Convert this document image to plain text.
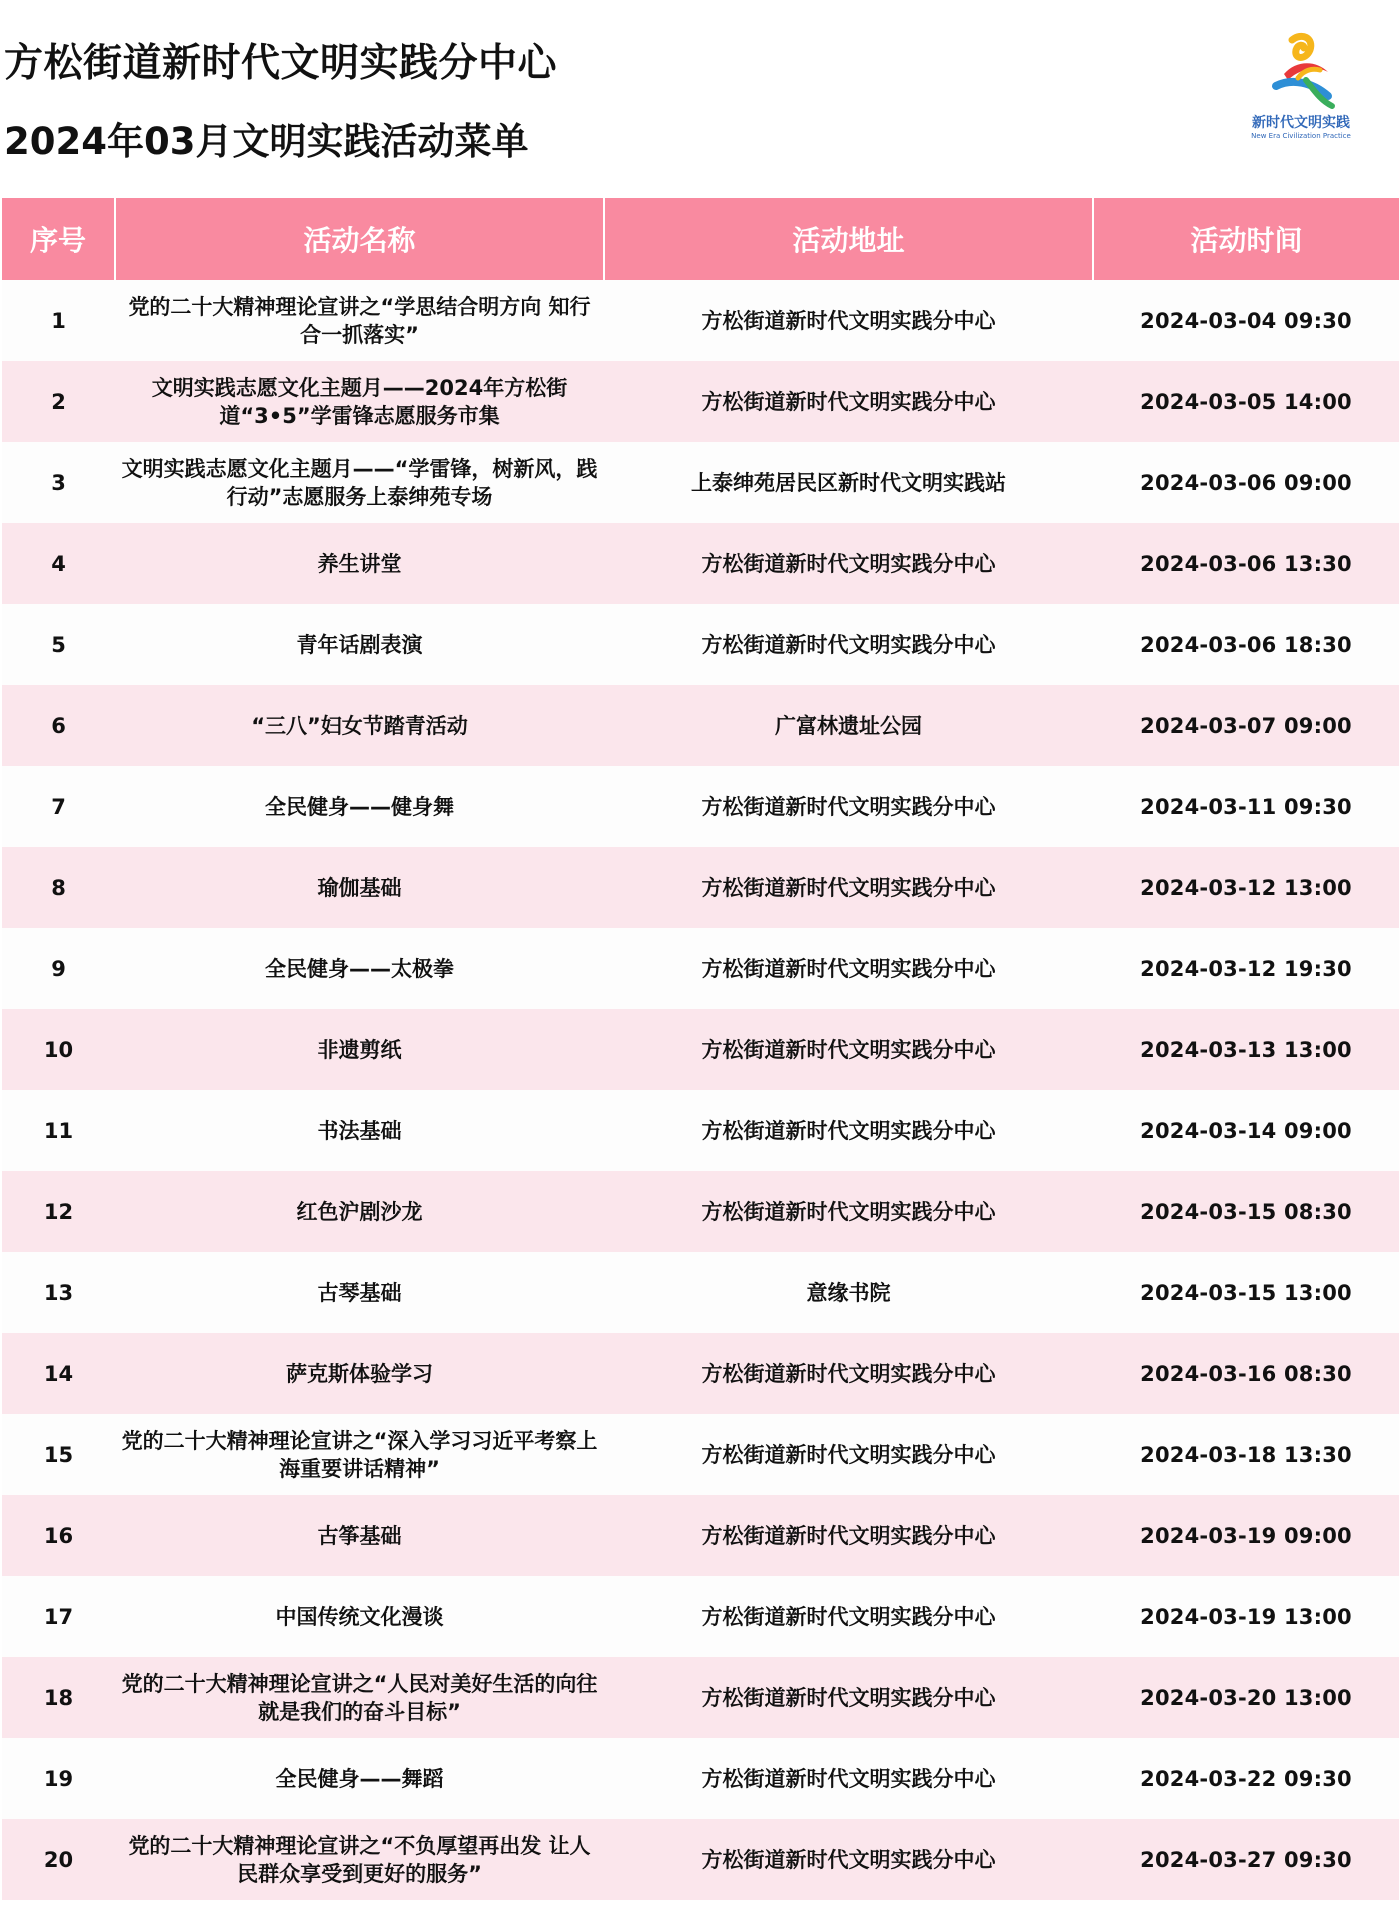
方松街道新时代文明实践分中心
2024年03月文明实践活动菜单	新时代文明实践
New Era Civilization Practice
序号	活动名称	活动地址	活动时间
1	党的二十大精神理论宣讲之“学思结合明方向 知行合一抓落实”	方松街道新时代文明实践分中心	2024-03-04 09:30
2	文明实践志愿文化主题月——2024年方松街道“3•5”学雷锋志愿服务市集	方松街道新时代文明实践分中心	2024-03-05 14:00
3	文明实践志愿文化主题月——“学雷锋，树新风，践行动”志愿服务上泰绅苑专场	上泰绅苑居民区新时代文明实践站	2024-03-06 09:00
4	养生讲堂	方松街道新时代文明实践分中心	2024-03-06 13:30
5	青年话剧表演	方松街道新时代文明实践分中心	2024-03-06 18:30
6	“三八”妇女节踏青活动	广富林遗址公园	2024-03-07 09:00
7	全民健身——健身舞	方松街道新时代文明实践分中心	2024-03-11 09:30
8	瑜伽基础	方松街道新时代文明实践分中心	2024-03-12 13:00
9	全民健身——太极拳	方松街道新时代文明实践分中心	2024-03-12 19:30
10	非遗剪纸	方松街道新时代文明实践分中心	2024-03-13 13:00
11	书法基础	方松街道新时代文明实践分中心	2024-03-14 09:00
12	红色沪剧沙龙	方松街道新时代文明实践分中心	2024-03-15 08:30
13	古琴基础	意缘书院	2024-03-15 13:00
14	萨克斯体验学习	方松街道新时代文明实践分中心	2024-03-16 08:30
15	党的二十大精神理论宣讲之“深入学习习近平考察上海重要讲话精神”	方松街道新时代文明实践分中心	2024-03-18 13:30
16	古筝基础	方松街道新时代文明实践分中心	2024-03-19 09:00
17	中国传统文化漫谈	方松街道新时代文明实践分中心	2024-03-19 13:00
18	党的二十大精神理论宣讲之“人民对美好生活的向往就是我们的奋斗目标”	方松街道新时代文明实践分中心	2024-03-20 13:00
19	全民健身——舞蹈	方松街道新时代文明实践分中心	2024-03-22 09:30
20	党的二十大精神理论宣讲之“不负厚望再出发 让人民群众享受到更好的服务”	方松街道新时代文明实践分中心	2024-03-27 09:30
